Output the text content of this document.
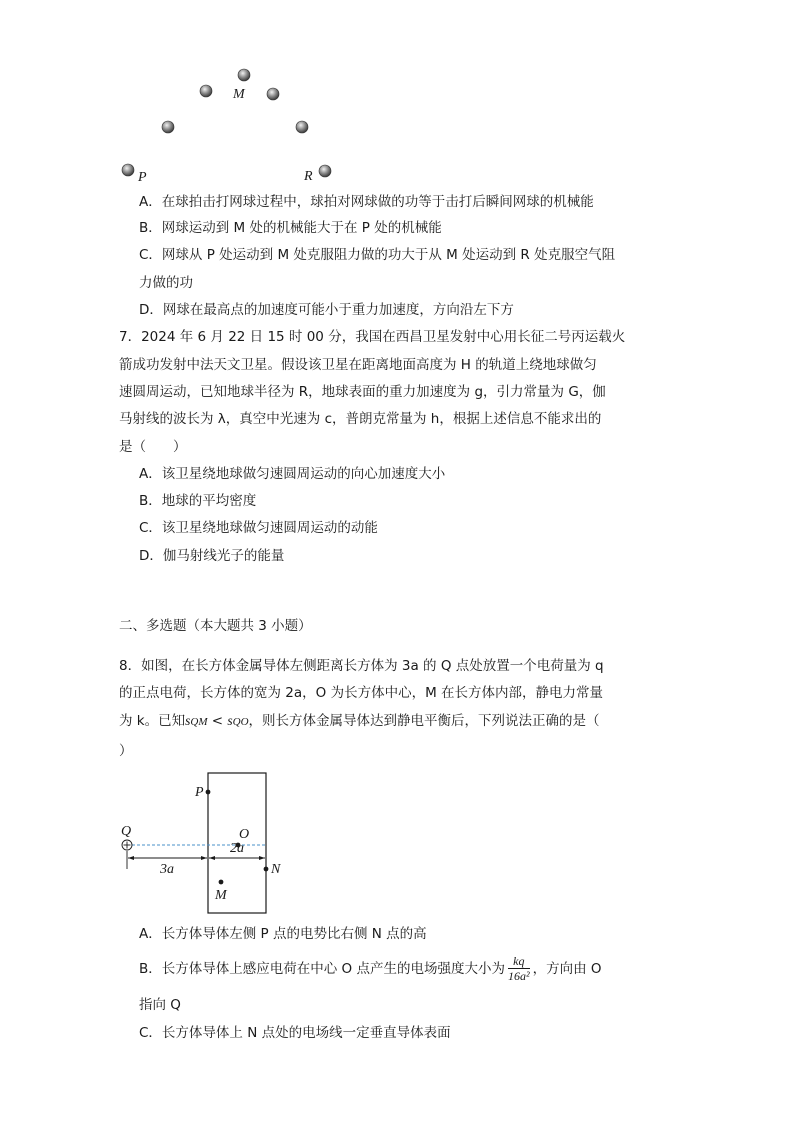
M
P	R
A．在球拍击打网球过程中，球拍对网球做的功等于击打后瞬间网球的机械能
B．网球运动到 M 处的机械能大于在 P 处的机械能
C．网球从 P 处运动到 M 处克服阻力做的功大于从 M 处运动到 R 处克服空气阻
力做的功
D．网球在最高点的加速度可能小于重力加速度，方向沿左下方
7．2024 年 6 月 22 日 15 时 00 分，我国在西昌卫星发射中心用长征二号丙运载火
箭成功发射中法天文卫星。假设该卫星在距离地面高度为 H 的轨道上绕地球做匀
速圆周运动，已知地球半径为 R，地球表面的重力加速度为 g，引力常量为 G，伽
马射线的波长为 λ，真空中光速为 c，普朗克常量为 h，根据上述信息不能求出的
是（　　）
A．该卫星绕地球做匀速圆周运动的向心加速度大小
B．地球的平均密度
C．该卫星绕地球做匀速圆周运动的动能
D．伽马射线光子的能量
二、多选题（本大题共 3 小题）
8．如图，在长方体金属导体左侧距离长方体为 3a 的 Q 点处放置一个电荷量为 q
的正点电荷，长方体的宽为 2a，O 为长方体中心，M 在长方体内部，静电力常量
为 k。已知sQM < sQO，则长方体金属导体达到静电平衡后，下列说法正确的是（
）
P
Q	O
N
M
3a
2a
A．长方体导体左侧 P 点的电势比右侧 N 点的高
B．长方体导体上感应电荷在中心 O 点产生的电场强度大小为 $\frac{kq}{\text{16a²}}$ ，方向由 O
指向 Q
C．长方体导体上 N 点处的电场线一定垂直导体表面
